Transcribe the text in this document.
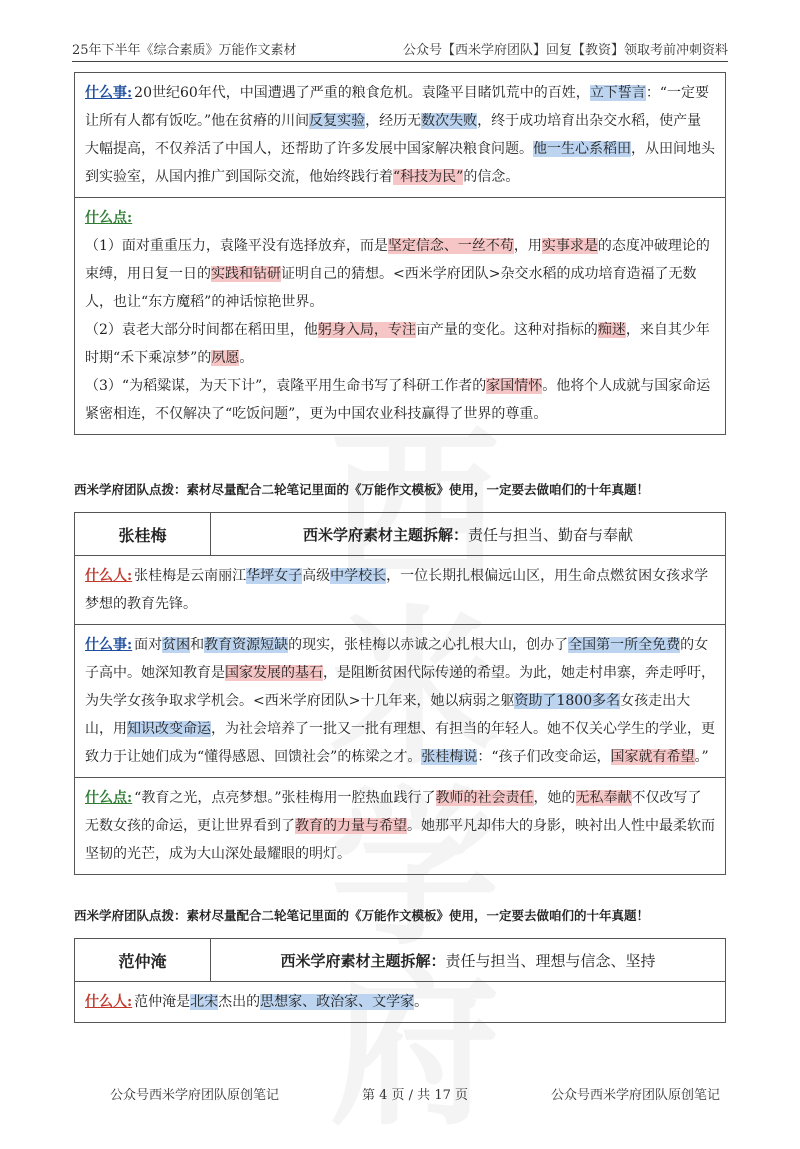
25年下半年《综合素质》万能作文素材	公众号【西米学府团队】回复【教资】领取考前冲刺资料
什么事: 20世纪60年代，中国遭遇了严重的粮食危机。袁隆平目睹饥荒中的百姓，立下誓言：“一定要让所有人都有饭吃。”他在贫瘠的川间反复实验，经历无数次失败，终于成功培育出杂交水稻，使产量大幅提高，不仅养活了中国人，还帮助了许多发展中国家解决粮食问题。他一生心系稻田，从田间地头到实验室，从国内推广到国际交流，他始终践行着“科技为民”的信念。

什么点:

（1）面对重重压力，袁隆平没有选择放弃，而是坚定信念、一丝不苟，用实事求是的态度冲破理论的束缚，用日复一日的实践和钻研证明自己的猜想。<西米学府团队>杂交水稻的成功培育造福了无数人，也让“东方魔稻”的神话惊艳世界。

（2）袁老大部分时间都在稻田里，他躬身入局，专注亩产量的变化。这种对指标的痴迷，来自其少年时期“禾下乘凉梦”的夙愿。

（3）“为稻粱谋，为天下计”，袁隆平用生命书写了科研工作者的家国情怀。他将个人成就与国家命运紧密相连，不仅解决了“吃饭问题”，更为中国农业科技赢得了世界的尊重。

西米学府团队点拨：素材尽量配合二轮笔记里面的《万能作文模板》使用，一定要去做咱们的十年真题！
张桂梅	西米学府素材主题拆解： 责任与担当、勤奋与奉献
什么人: 张桂梅是云南丽江华坪女子高级中学校长，一位长期扎根偏远山区，用生命点燃贫困女孩求学梦想的教育先锋。
什么事: 面对贫困和教育资源短缺的现实，张桂梅以赤诚之心扎根大山，创办了全国第一所全免费的女子高中。她深知教育是国家发展的基石，是阻断贫困代际传递的希望。为此，她走村串寨，奔走呼吁，为失学女孩争取求学机会。<西米学府团队>十几年来，她以病弱之躯资助了1800多名女孩走出大山，用知识改变命运，为社会培养了一批又一批有理想、有担当的年轻人。她不仅关心学生的学业，更致力于让她们成为“懂得感恩、回馈社会”的栋梁之才。张桂梅说：“孩子们改变命运，国家就有希望。”
什么点: “教育之光，点亮梦想。”张桂梅用一腔热血践行了教师的社会责任，她的无私奉献不仅改写了无数女孩的命运，更让世界看到了教育的力量与希望。她那平凡却伟大的身影，映衬出人性中最柔软而坚韧的光芒，成为大山深处最耀眼的明灯。
西米学府团队点拨：素材尽量配合二轮笔记里面的《万能作文模板》使用，一定要去做咱们的十年真题！
范仲淹	西米学府素材主题拆解： 责任与担当、理想与信念、坚持
什么人: 范仲淹是北宋杰出的思想家、政治家、文学家。
公众号西米学府团队原创笔记	第 4 页 / 共 17 页	公众号西米学府团队原创笔记
